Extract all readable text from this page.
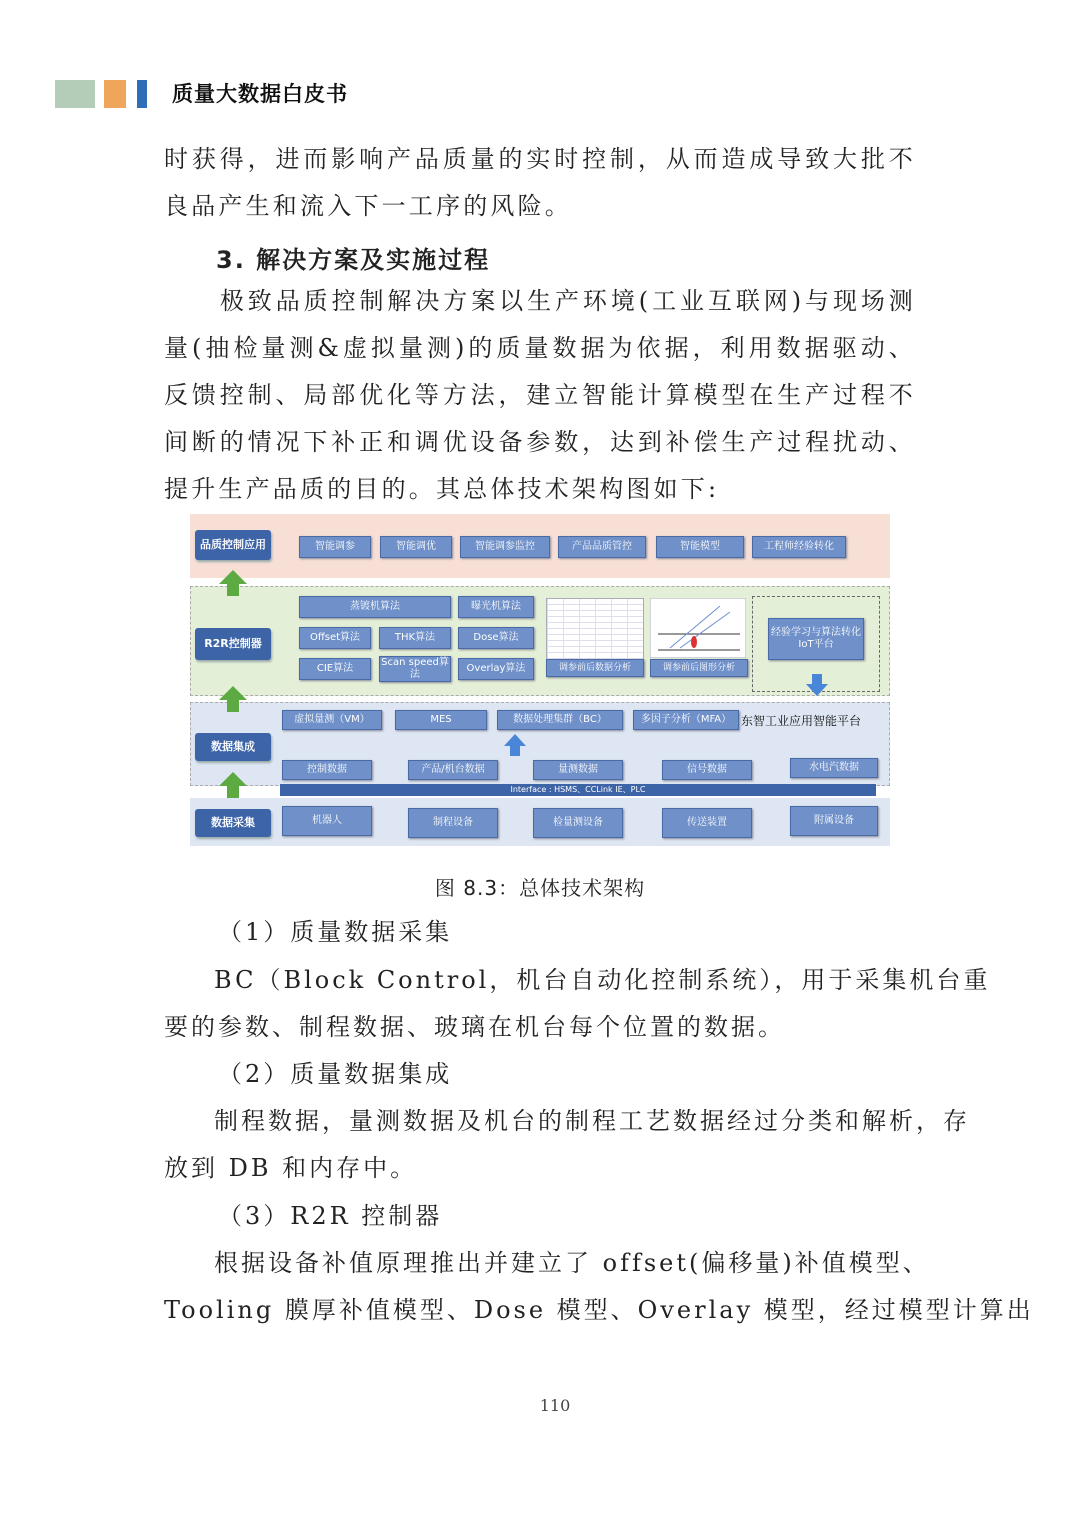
质量大数据白皮书
时获得，进而影响产品质量的实时控制，从而造成导致大批不良品产生和流入下一工序的风险。
3. 解决方案及实施过程
　　极致品质控制解决方案以生产环境(工业互联网)与现场测量(抽检量测&虚拟量测)的质量数据为依据，利用数据驱动、反馈控制、局部优化等方法，建立智能计算模型在生产过程不间断的情况下补正和调优设备参数，达到补偿生产过程扰动、提升生产品质的目的。其总体技术架构图如下:
品质控制应用
R2R控制器
数据集成
数据采集
智能调参	智能调优	智能调参监控	产品品质管控	智能模型	工程师经验转化
蒸镀机算法	曝光机算法
Offset算法	THK算法	Dose算法
CIE算法
Scan speed算法
Overlay算法	调参前后数据分析	调参前后图形分析
经验学习与算法转化 IoT平台
虚拟量测（VM）	MES	数据处理集群（BC）	多因子分析（MFA） 东智工业应用智能平台
控制数据	产品/机台数据	量测数据	信号数据	水电汽数据
Interface : HSMS、CCLink IE、PLC
机器人	制程设备	检量测设备	传送装置	附属设备
图 8.3：总体技术架构
（1）质量数据采集
BC（Block Control，机台自动化控制系统），用于采集机台重
要的参数、制程数据、玻璃在机台每个位置的数据。
（2）质量数据集成
制程数据，量测数据及机台的制程工艺数据经过分类和解析，存
放到 DB 和内存中。
（3）R2R 控制器
根据设备补值原理推出并建立了 offset(偏移量)补值模型、
Tooling 膜厚补值模型、Dose 模型、Overlay 模型，经过模型计算出
110
